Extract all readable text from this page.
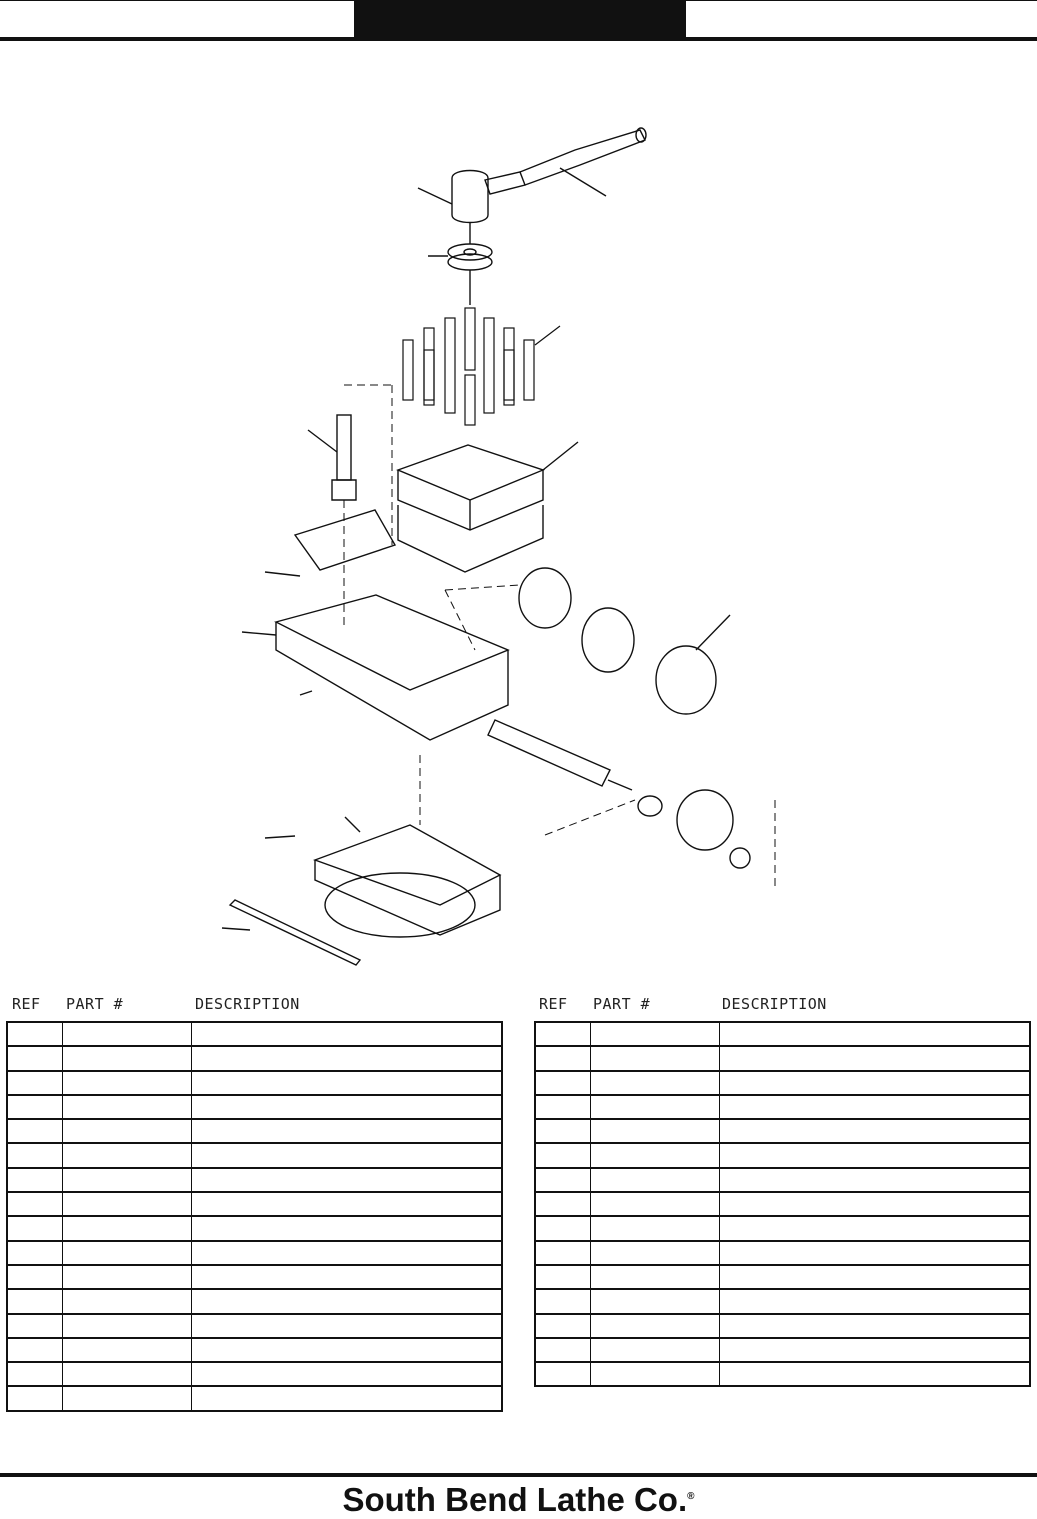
REF PART #	DESCRIPTION	REF PART #	DESCRIPTION

South Bend Lathe Co.®
